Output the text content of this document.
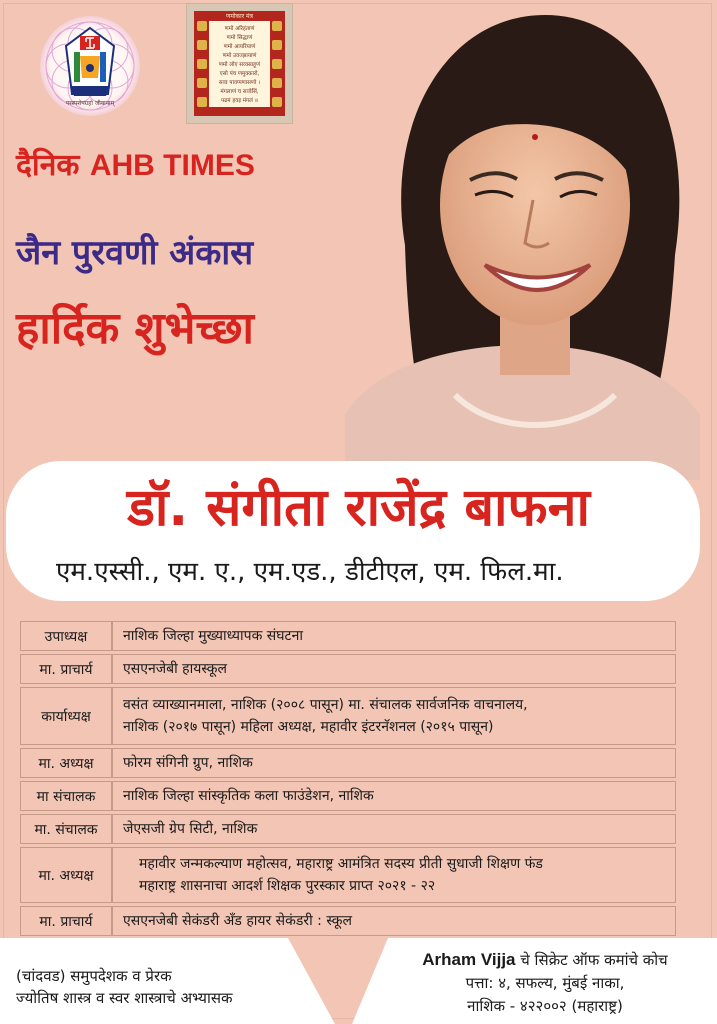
परस्परोपग्रहो जीवानाम्
णमोकार मंत्र
णमो अरिहंताणं
णमो सिद्धाणं
णमो आयरियाणं
णमो उवज्झायाणं
णमो लोए सव्वसाहूणं
एसो पंच णमुक्कारो,
सव्व पावप्पणासणो ।
मंगलाणं च सव्वेसिं,
पढमं हवइ मंगलं ॥
दैनिक AHB TIMES
जैन पुरवणी अंकास
हार्दिक शुभेच्छा
डॉ. संगीता राजेंद्र बाफना
एम.एस्सी., एम. ए., एम.एड., डीटीएल, एम. फिल.मा.
उपाध्यक्ष	नाशिक जिल्हा मुख्याध्यापक संघटना
मा. प्राचार्य	एसएनजेबी हायस्कूल
कार्याध्यक्ष	वसंत व्याख्यानमाला, नाशिक (२००८ पासून) मा. संचालक सार्वजनिक वाचनालय,
नाशिक (२०१७ पासून) महिला अध्यक्ष, महावीर इंटरनॅशनल (२०१५ पासून)

मा. अध्यक्ष	फोरम संगिनी ग्रुप, नाशिक
मा संचालक	नाशिक जिल्हा सांस्कृतिक कला फाउंडेशन, नाशिक
मा. संचालक	जेएसजी ग्रेप सिटी, नाशिक
मा. अध्यक्ष	महावीर जन्मकल्याण महोत्सव, महाराष्ट्र आमंत्रित सदस्य प्रीती सुधाजी शिक्षण फंड
महाराष्ट्र शासनाचा आदर्श शिक्षक पुरस्कार प्राप्त २०२१ - २२

मा. प्राचार्य	एसएनजेबी सेकंडरी अँड हायर सेकंडरी : स्कूल
(चांदवड) समुपदेशक व प्रेरक
ज्योतिष शास्त्र व स्वर शास्त्राचे अभ्यासक
Arham Vijja चे सिक्रेट ऑफ कमांचे कोच
पत्ता: ४, सफल्य, मुंबई नाका,
नाशिक - ४२२००२ (महाराष्ट्र)
